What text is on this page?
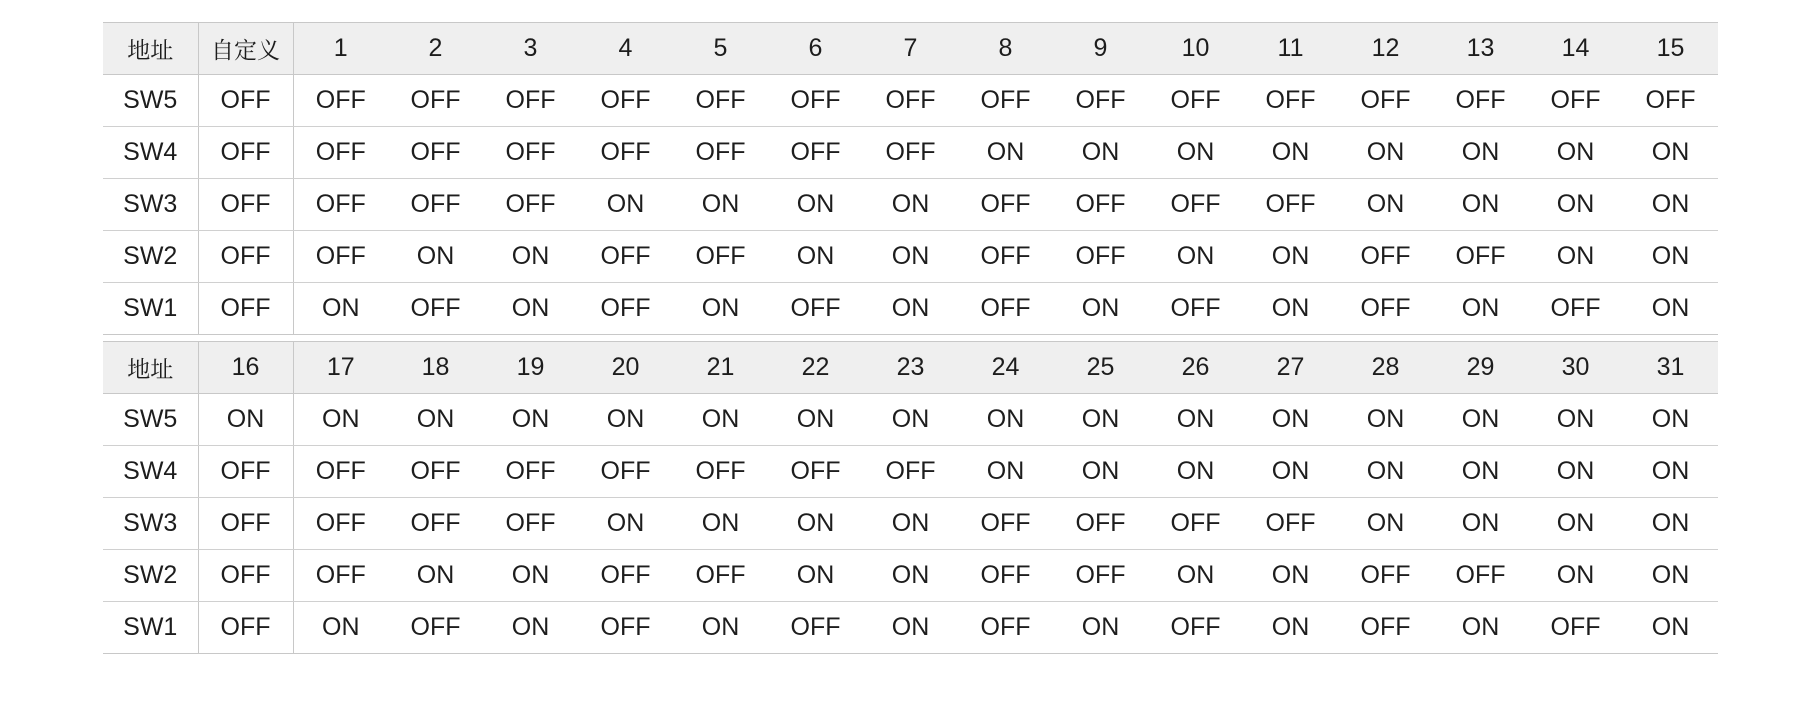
地址	自定义	1	2	3	4	5	6	7	8	9	10	11	12	13	14	15
SW5	OFF	OFF	OFF	OFF	OFF	OFF	OFF	OFF	OFF	OFF	OFF	OFF	OFF	OFF	OFF	OFF
SW4	OFF	OFF	OFF	OFF	OFF	OFF	OFF	OFF	ON	ON	ON	ON	ON	ON	ON	ON
SW3	OFF	OFF	OFF	OFF	ON	ON	ON	ON	OFF	OFF	OFF	OFF	ON	ON	ON	ON
SW2	OFF	OFF	ON	ON	OFF	OFF	ON	ON	OFF	OFF	ON	ON	OFF	OFF	ON	ON
SW1	OFF	ON	OFF	ON	OFF	ON	OFF	ON	OFF	ON	OFF	ON	OFF	ON	OFF	ON
地址	16	17	18	19	20	21	22	23	24	25	26	27	28	29	30	31
SW5	ON	ON	ON	ON	ON	ON	ON	ON	ON	ON	ON	ON	ON	ON	ON	ON
SW4	OFF	OFF	OFF	OFF	OFF	OFF	OFF	OFF	ON	ON	ON	ON	ON	ON	ON	ON
SW3	OFF	OFF	OFF	OFF	ON	ON	ON	ON	OFF	OFF	OFF	OFF	ON	ON	ON	ON
SW2	OFF	OFF	ON	ON	OFF	OFF	ON	ON	OFF	OFF	ON	ON	OFF	OFF	ON	ON
SW1	OFF	ON	OFF	ON	OFF	ON	OFF	ON	OFF	ON	OFF	ON	OFF	ON	OFF	ON
